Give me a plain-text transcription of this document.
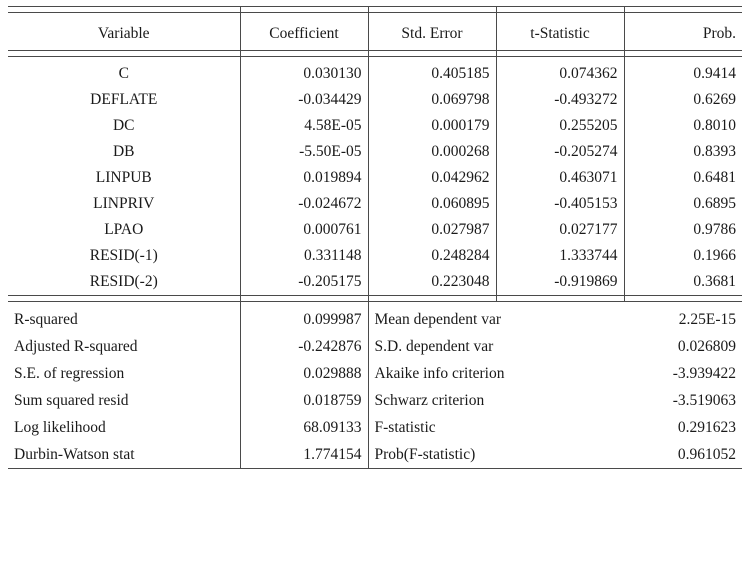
Variable	Coefficient	Std. Error	t-Statistic	Prob.

C	0.030130	0.405185	0.074362	0.9414
DEFLATE	-0.034429	0.069798	-0.493272	0.6269
DC	4.58E-05	0.000179	0.255205	0.8010
DB	-5.50E-05	0.000268	-0.205274	0.8393
LINPUB	0.019894	0.042962	0.463071	0.6481
LINPRIV	-0.024672	0.060895	-0.405153	0.6895
LPAO	0.000761	0.027987	0.027177	0.9786
RESID(-1)	0.331148	0.248284	1.333744	0.1966
RESID(-2)	-0.205175	0.223048	-0.919869	0.3681

R-squared	0.099987	Mean dependent var		2.25E-15
Adjusted R-squared	-0.242876	S.D. dependent var		0.026809
S.E. of regression	0.029888	Akaike info criterion		-3.939422
Sum squared resid	0.018759	Schwarz criterion		-3.519063
Log likelihood	68.09133	F-statistic		0.291623
Durbin-Watson stat	1.774154	Prob(F-statistic)		0.961052
